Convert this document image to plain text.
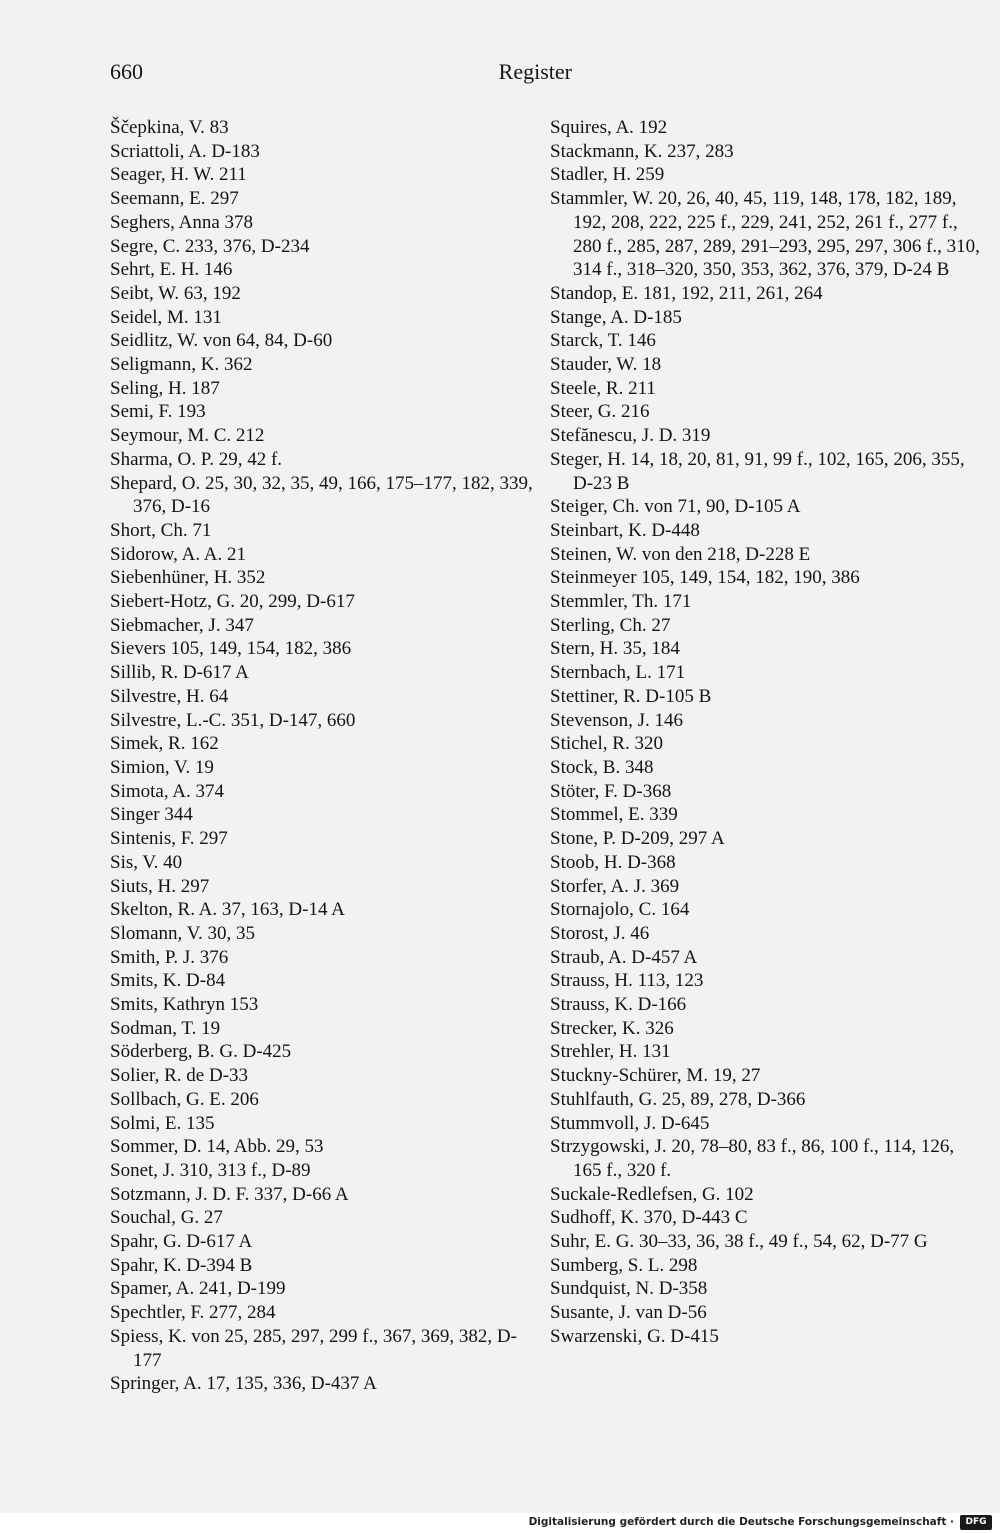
660	Register
Ščepkina, V. 83
Scriattoli, A. D-183
Seager, H. W. 211
Seemann, E. 297
Seghers, Anna 378
Segre, C. 233, 376, D-234
Sehrt, E. H. 146
Seibt, W. 63, 192
Seidel, M. 131
Seidlitz, W. von 64, 84, D-60
Seligmann, K. 362
Seling, H. 187
Semi, F. 193
Seymour, M. C. 212
Sharma, O. P. 29, 42 f.
Shepard, O. 25, 30, 32, 35, 49, 166, 175–177, 182, 339, 376, D-16
Short, Ch. 71
Sidorow, A. A. 21
Siebenhüner, H. 352
Siebert-Hotz, G. 20, 299, D-617
Siebmacher, J. 347
Sievers 105, 149, 154, 182, 386
Sillib, R. D-617 A
Silvestre, H. 64
Silvestre, L.-C. 351, D-147, 660
Simek, R. 162
Simion, V. 19
Simota, A. 374
Singer 344
Sintenis, F. 297
Sis, V. 40
Siuts, H. 297
Skelton, R. A. 37, 163, D-14 A
Slomann, V. 30, 35
Smith, P. J. 376
Smits, K. D-84
Smits, Kathryn 153
Sodman, T. 19
Söderberg, B. G. D-425
Solier, R. de D-33
Sollbach, G. E. 206
Solmi, E. 135
Sommer, D. 14, Abb. 29, 53
Sonet, J. 310, 313 f., D-89
Sotzmann, J. D. F. 337, D-66 A
Souchal, G. 27
Spahr, G. D-617 A
Spahr, K. D-394 B
Spamer, A. 241, D-199
Spechtler, F. 277, 284
Spiess, K. von 25, 285, 297, 299 f., 367, 369, 382, D-177
Springer, A. 17, 135, 336, D-437 A
Squires, A. 192
Stackmann, K. 237, 283
Stadler, H. 259
Stammler, W. 20, 26, 40, 45, 119, 148, 178, 182, 189, 192, 208, 222, 225 f., 229, 241, 252, 261 f., 277 f., 280 f., 285, 287, 289, 291–293, 295, 297, 306 f., 310, 314 f., 318–320, 350, 353, 362, 376, 379, D-24 B
Standop, E. 181, 192, 211, 261, 264
Stange, A. D-185
Starck, T. 146
Stauder, W. 18
Steele, R. 211
Steer, G. 216
Stefănescu, J. D. 319
Steger, H. 14, 18, 20, 81, 91, 99 f., 102, 165, 206, 355, D-23 B
Steiger, Ch. von 71, 90, D-105 A
Steinbart, K. D-448
Steinen, W. von den 218, D-228 E
Steinmeyer 105, 149, 154, 182, 190, 386
Stemmler, Th. 171
Sterling, Ch. 27
Stern, H. 35, 184
Sternbach, L. 171
Stettiner, R. D-105 B
Stevenson, J. 146
Stichel, R. 320
Stock, B. 348
Stöter, F. D-368
Stommel, E. 339
Stone, P. D-209, 297 A
Stoob, H. D-368
Storfer, A. J. 369
Stornajolo, C. 164
Storost, J. 46
Straub, A. D-457 A
Strauss, H. 113, 123
Strauss, K. D-166
Strecker, K. 326
Strehler, H. 131
Stuckny-Schürer, M. 19, 27
Stuhlfauth, G. 25, 89, 278, D-366
Stummvoll, J. D-645
Strzygowski, J. 20, 78–80, 83 f., 86, 100 f., 114, 126, 165 f., 320 f.
Suckale-Redlefsen, G. 102
Sudhoff, K. 370, D-443 C
Suhr, E. G. 30–33, 36, 38 f., 49 f., 54, 62, D-77 G
Sumberg, S. L. 298
Sundquist, N. D-358
Susante, J. van D-56
Swarzenski, G. D-415
Digitalisierung gefördert durch die Deutsche Forschungsgemeinschaft ·	DFG
